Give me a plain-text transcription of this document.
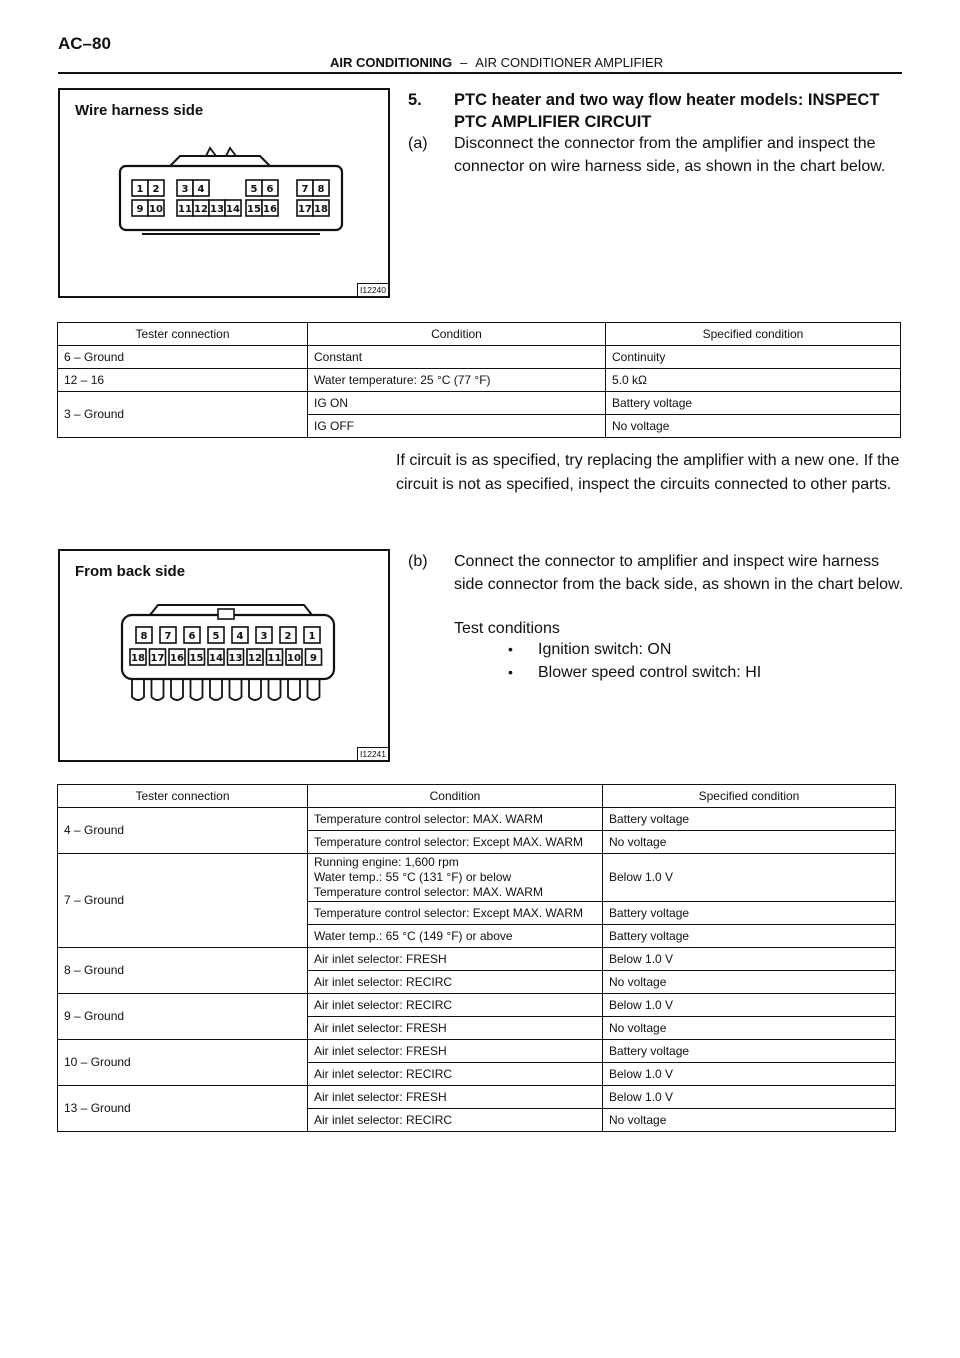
AC–80
AIR CONDITIONING – AIR CONDITIONER AMPLIFIER
Wire harness side
1 2 3 4	5 6	7 8
9 10 11 12 13 14 15 16 17 18
I12240
5. PTC heater and two way flow heater models: INSPECT PTC AMPLIFIER CIRCUIT
(a) Disconnect the connector from the amplifier and inspect the connector on wire harness side, as shown in the chart below.
Tester connection	Condition	Specified condition
6 – Ground	Constant	Continuity
12 – 16	Water temperature: 25 °C (77 °F)	5.0 kΩ
3 – Ground	IG ON	Battery voltage
	IG OFF	No voltage
If circuit is as specified, try replacing the amplifier with a new one. If the circuit is not as specified, inspect the circuits connected to other parts.
From back side
8 7 6 5 4 3 2 1
18 17 16 15 14 13 12 11 10 9
I12241
(b) Connect the connector to amplifier and inspect wire harness side connector from the back side, as shown in the chart below.
Test conditions
• Ignition switch: ON
• Blower speed control switch: HI
Tester connection	Condition	Specified condition
4 – Ground	Temperature control selector: MAX. WARM	Battery voltage
	Temperature control selector: Except MAX. WARM	No voltage
7 – Ground	Running engine: 1,600 rpm
Water temp.: 55 °C (131 °F) or below
Temperature control selector: MAX. WARM	Below 1.0 V
	Temperature control selector: Except MAX. WARM	Battery voltage
	Water temp.: 65 °C (149 °F) or above	Battery voltage
8 – Ground	Air inlet selector: FRESH	Below 1.0 V
	Air inlet selector: RECIRC	No voltage
9 – Ground	Air inlet selector: RECIRC	Below 1.0 V
	Air inlet selector: FRESH	No voltage
10 – Ground	Air inlet selector: FRESH	Battery voltage
	Air inlet selector: RECIRC	Below 1.0 V
13 – Ground	Air inlet selector: FRESH	Below 1.0 V
	Air inlet selector: RECIRC	No voltage
